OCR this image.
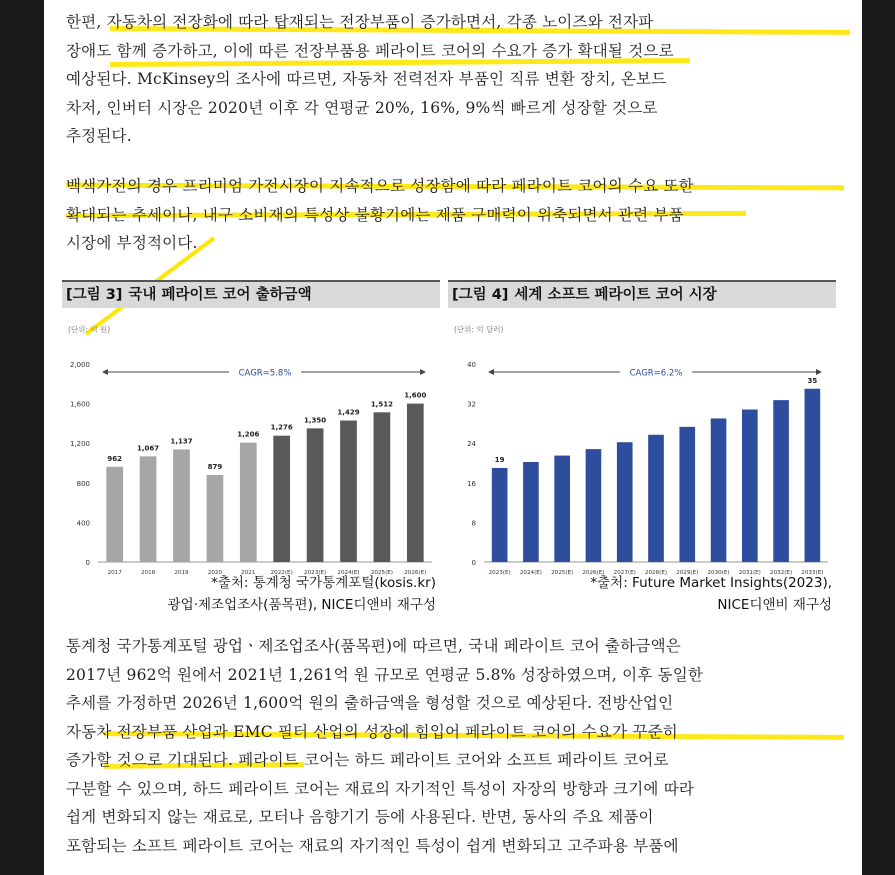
한편, 자동차의 전장화에 따라 탑재되는 전장부품이 증가하면서, 각종 노이즈와 전자파
장애도 함께 증가하고, 이에 따른 전장부품용 페라이트 코어의 수요가 증가 확대될 것으로
예상된다. McKinsey의 조사에 따르면, 자동차 전력전자 부품인 직류 변환 장치, 온보드
차저, 인버터 시장은 2020년 이후 각 연평균 20%, 16%, 9%씩 빠르게 성장할 것으로
추정된다.
백색가전의 경우 프리미엄 가전시장이 지속적으로 성장함에 따라 페라이트 코어의 수요 또한
확대되는 추세이나, 내구 소비재의 특성상 불황기에는 제품 구매력이 위축되면서 관련 부품
시장에 부정적이다.
[그림 3] 국내 페라이트 코어 출하금액
(단위: 억 원)
0
400
800
1,200
1,600
2,000
962
2017
1,067
2018
1,137
2019
879
2020
1,206
2021
1,276
2022(E)
1,350
2023(E)
1,429
2024(E)
1,512
2025(E)
1,600
2026(E)
CAGR=5.8%
*출처: 통계청 국가통계포털(kosis.kr)
광업·제조업조사(품목편), NICE디앤비 재구성
[그림 4] 세계 소프트 페라이트 코어 시장
(단위: 억 달러)
0
8
16
24
32
40
19
2023(E) 2024(E) 2025(E) 2026(E) 2027(E) 2028(E) 2029(E) 2030(E) 2031(E) 2032(E)
35
2033(E)
CAGR=6.2%
*출처: Future Market Insights(2023),
NICE디앤비 재구성
통계청 국가통계포털 광업ㆍ제조업조사(품목편)에 따르면, 국내 페라이트 코어 출하금액은
2017년 962억 원에서 2021년 1,261억 원 규모로 연평균 5.8% 성장하였으며, 이후 동일한
추세를 가정하면 2026년 1,600억 원의 출하금액을 형성할 것으로 예상된다. 전방산업인
자동차 전장부품 산업과 EMC 필터 산업의 성장에 힘입어 페라이트 코어의 수요가 꾸준히
증가할 것으로 기대된다. 페라이트 코어는 하드 페라이트 코어와 소프트 페라이트 코어로
구분할 수 있으며, 하드 페라이트 코어는 재료의 자기적인 특성이 자장의 방향과 크기에 따라
쉽게 변화되지 않는 재료로, 모터나 음향기기 등에 사용된다. 반면, 동사의 주요 제품이
포함되는 소프트 페라이트 코어는 재료의 자기적인 특성이 쉽게 변화되고 고주파용 부품에
